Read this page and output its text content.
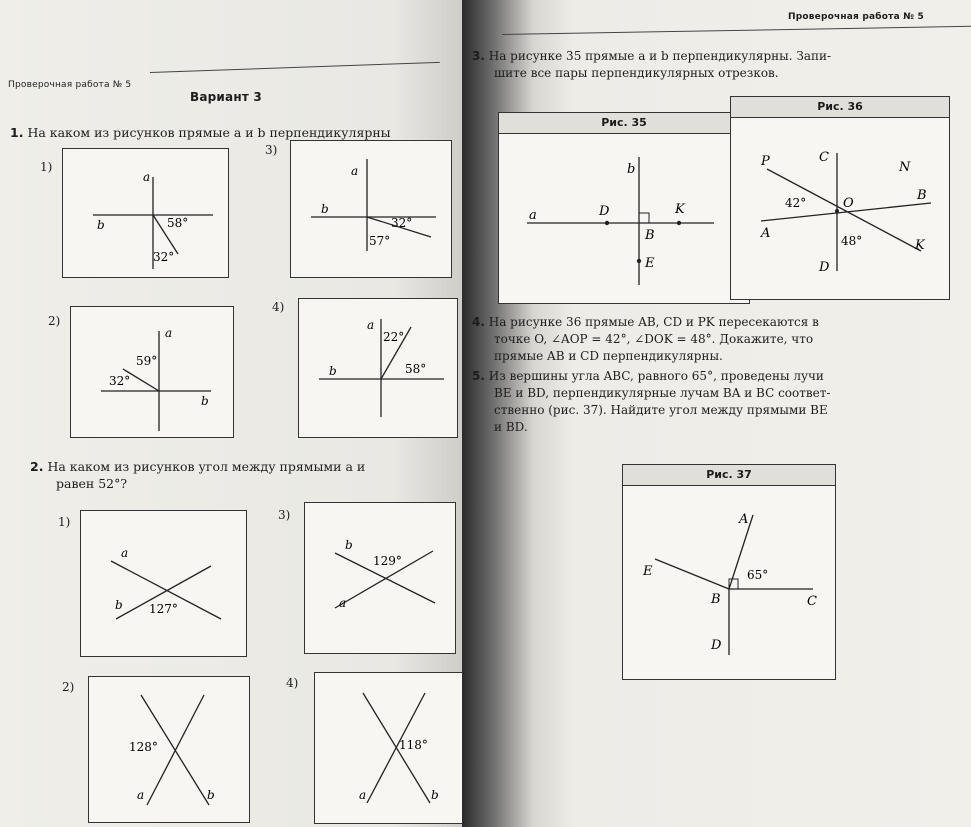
Проверочная работа № 5
Вариант 3
1. На каком из рисунков прямые a и b перпендикулярны
1)
a
b	58°
32°
3)
a
b
32°
57°
2)
a
b
59°
32°
4)
a
b
22°
58°
2. На каком из рисунков угол между прямыми a и
равен 52°?
1)
a
b 127°
3)
b
a
129°
2)
128°
a	b
4)
118°
a	b
Проверочная работа № 5
3. На рисунке 35 прямые a и b перпендикулярны. Запи-
шите все пары перпендикулярных отрезков.
Рис. 35
b
a	D	K
B
E
Рис. 36
P	C
N
A
O
B
K
D
42°
48°
4. На рисунке 36 прямые AB, CD и PK пересекаются в
точке O, ∠AOP = 42°, ∠DOK = 48°. Докажите, что
прямые AB и CD перпендикулярны.
5. Из вершины угла ABC, равного 65°, проведены лучи
BE и BD, перпендикулярные лучам BA и BC соответ-
ственно (рис. 37). Найдите угол между прямыми BE
и BD.
Рис. 37
A
E
B	C
D
65°
